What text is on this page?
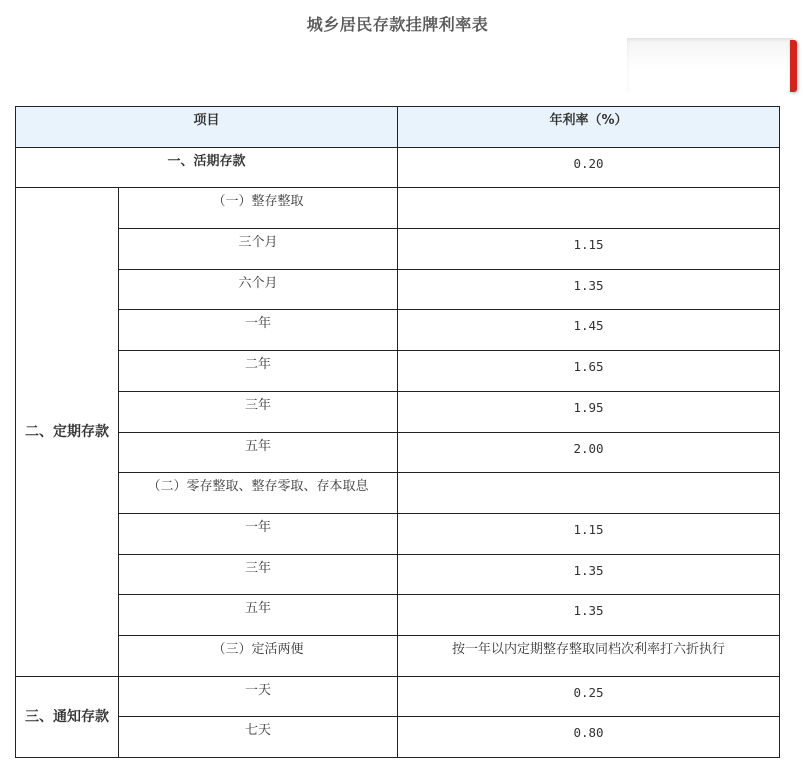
城乡居民存款挂牌利率表
项目		年利率（%）
一、活期存款		0.20
二、定期存款	（一）整存整取	
	三个月	1.15
	六个月	1.35
	一年	1.45
	二年	1.65
	三年	1.95
	五年	2.00
	（二）零存整取、整存零取、存本取息	
	一年	1.15
	三年	1.35
	五年	1.35
	（三）定活两便	按一年以内定期整存整取同档次利率打六折执行
三、通知存款	一天	0.25
	七天	0.80
